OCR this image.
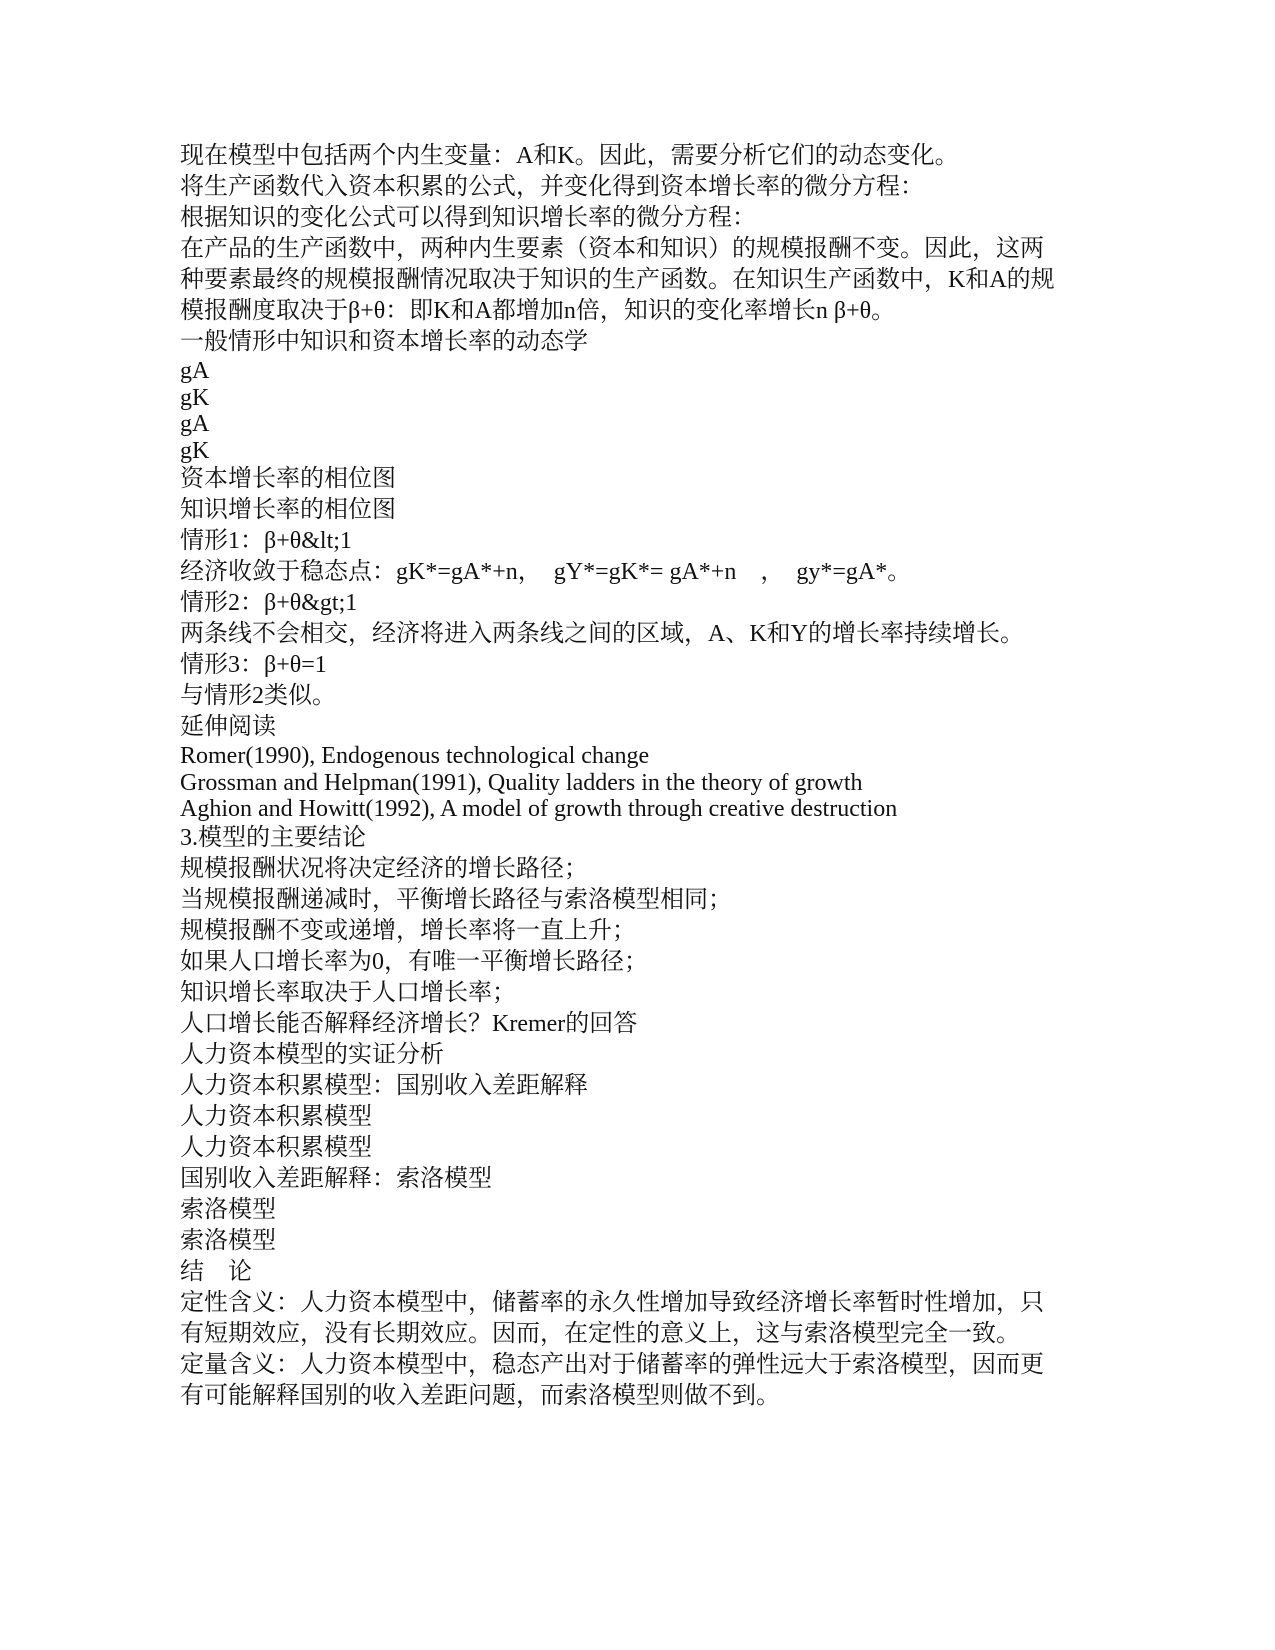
现在模型中包括两个内生变量：A和K。因此，需要分析它们的动态变化。
将生产函数代入资本积累的公式，并变化得到资本增长率的微分方程：
根据知识的变化公式可以得到知识增长率的微分方程：
在产品的生产函数中，两种内生要素（资本和知识）的规模报酬不变。因此，这两
种要素最终的规模报酬情况取决于知识的生产函数。在知识生产函数中，K和A的规
模报酬度取决于β+θ：即K和A都增加n倍，知识的变化率增长n β+θ。
一般情形中知识和资本增长率的动态学
gA
gK
gA
gK
资本增长率的相位图
知识增长率的相位图
情形1：β+θ&lt;1
经济收敛于稳态点：gK*=gA*+n，　gY*=gK*= gA*+n　，　gy*=gA*。
情形2：β+θ&gt;1
两条线不会相交，经济将进入两条线之间的区域，A、K和Y的增长率持续增长。
情形3：β+θ=1
与情形2类似。
延伸阅读
Romer(1990), Endogenous technological change
Grossman and Helpman(1991), Quality ladders in the theory of growth
Aghion and Howitt(1992), A model of growth through creative destruction
3.模型的主要结论
规模报酬状况将决定经济的增长路径；
当规模报酬递减时，平衡增长路径与索洛模型相同；
规模报酬不变或递增，增长率将一直上升；
如果人口增长率为0，有唯一平衡增长路径；
知识增长率取决于人口增长率；
人口增长能否解释经济增长？Kremer的回答
人力资本模型的实证分析
人力资本积累模型：国别收入差距解释
人力资本积累模型
人力资本积累模型
国别收入差距解释：索洛模型
索洛模型
索洛模型
结　论
定性含义：人力资本模型中，储蓄率的永久性增加导致经济增长率暂时性增加，只
有短期效应，没有长期效应。因而，在定性的意义上，这与索洛模型完全一致。
定量含义：人力资本模型中，稳态产出对于储蓄率的弹性远大于索洛模型，因而更
有可能解释国别的收入差距问题，而索洛模型则做不到。
